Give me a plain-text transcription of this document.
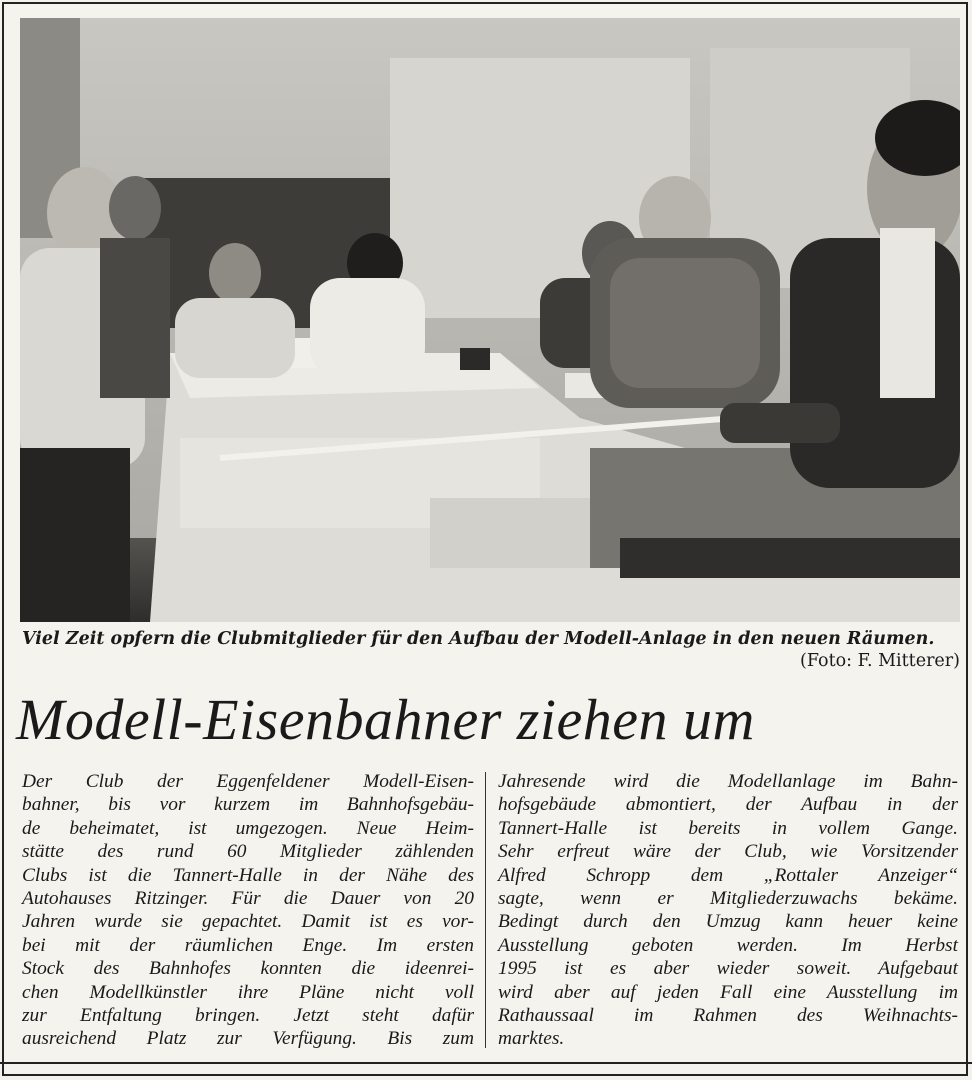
Viel Zeit opfern die Clubmitglieder für den Aufbau der Modell-Anlage in den neuen Räumen.
(Foto: F. Mitterer)
Modell-Eisenbahner ziehen um
Der Club der Eggenfeldener Modell-Eisen-
bahner, bis vor kurzem im Bahnhofsgebäu-
de beheimatet, ist umgezogen. Neue Heim-
stätte des rund 60 Mitglieder zählenden
Clubs ist die Tannert-Halle in der Nähe des
Autohauses Ritzinger. Für die Dauer von 20
Jahren wurde sie gepachtet. Damit ist es vor-
bei mit der räumlichen Enge. Im ersten
Stock des Bahnhofes konnten die ideenrei-
chen Modellkünstler ihre Pläne nicht voll
zur Entfaltung bringen. Jetzt steht dafür
ausreichend Platz zur Verfügung. Bis zum
Jahresende wird die Modellanlage im Bahn-
hofsgebäude abmontiert, der Aufbau in der
Tannert-Halle ist bereits in vollem Gange.
Sehr erfreut wäre der Club, wie Vorsitzender
Alfred Schropp dem „Rottaler Anzeiger“
sagte, wenn er Mitgliederzuwachs bekäme.
Bedingt durch den Umzug kann heuer keine
Ausstellung geboten werden. Im Herbst
1995 ist es aber wieder soweit. Aufgebaut
wird aber auf jeden Fall eine Ausstellung im
Rathaussaal im Rahmen des Weihnachts-
marktes.
